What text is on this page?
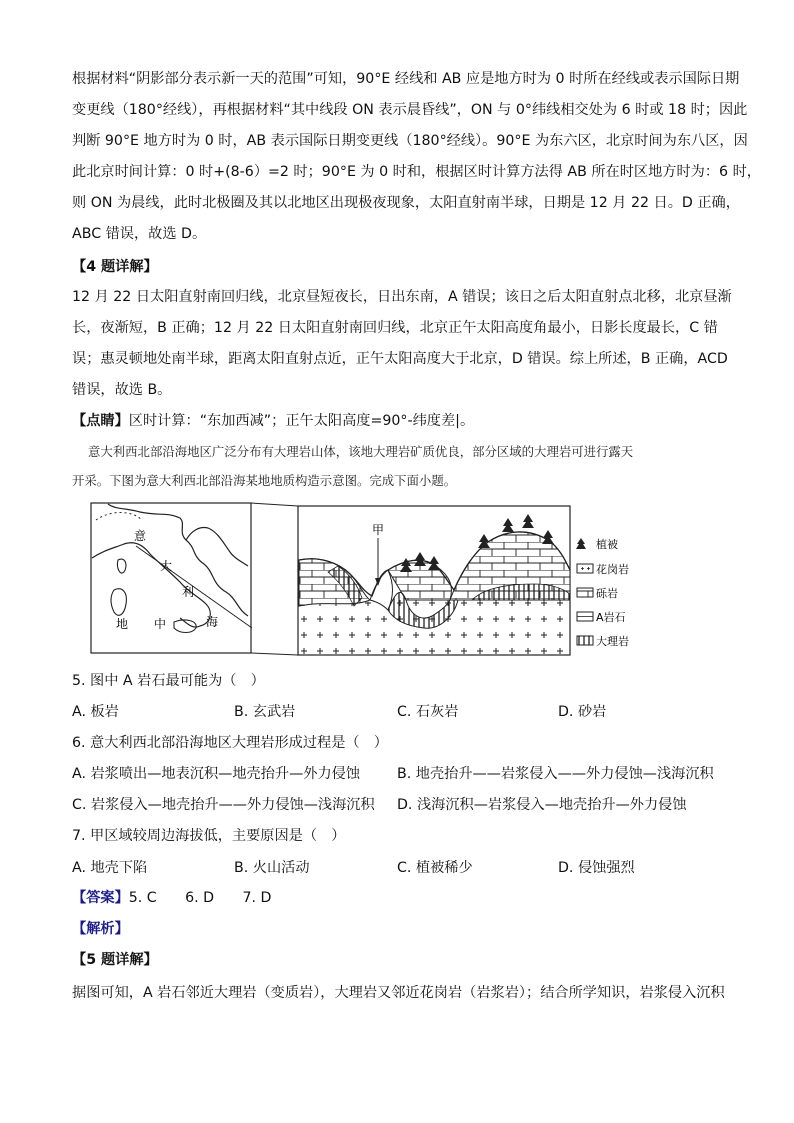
根据材料“阴影部分表示新一天的范围”可知，90°E 经线和 AB 应是地方时为 0 时所在经线或表示国际日期
变更线（180°经线），再根据材料“其中线段 ON 表示晨昏线”，ON 与 0°纬线相交处为 6 时或 18 时；因此
判断 90°E 地方时为 0 时，AB 表示国际日期变更线（180°经线）。90°E 为东六区，北京时间为东八区，因
此北京时间计算：0 时+(8-6）=2 时；90°E 为 0 时和，根据区时计算方法得 AB 所在时区地方时为：6 时，
则 ON 为晨线，此时北极圈及其以北地区出现极夜现象，太阳直射南半球，日期是 12 月 22 日。D 正确，
ABC 错误，故选 D。
【4 题详解】
12 月 22 日太阳直射南回归线，北京昼短夜长，日出东南，A 错误；该日之后太阳直射点北移，北京昼渐
长，夜渐短，B 正确；12 月 22 日太阳直射南回归线，北京正午太阳高度角最小，日影长度最长，C 错
误；惠灵顿地处南半球，距离太阳直射点近，正午太阳高度大于北京，D 错误。综上所述，B 正确，ACD
错误，故选 B。
【点睛】区时计算：“东加西减”；正午太阳高度=90°-纬度差|。
意大利西北部沿海地区广泛分布有大理岩山体，该地大理岩矿质优良，部分区域的大理岩可进行露天
开采。下图为意大利西北部沿海某地地质构造示意图。完成下面小题。
意
大
利
地 中	海
甲
植被
花岗岩
砾岩
A岩石
大理岩
5. 图中 A 岩石最可能为（　）
A. 板岩	B. 玄武岩	C. 石灰岩	D. 砂岩
6. 意大利西北部沿海地区大理岩形成过程是（　）
A. 岩浆喷出—地表沉积—地壳抬升—外力侵蚀	B. 地壳抬升——岩浆侵入——外力侵蚀—浅海沉积
C. 岩浆侵入—地壳抬升——外力侵蚀—浅海沉积 D. 浅海沉积—岩浆侵入—地壳抬升—外力侵蚀
7. 甲区域较周边海拔低，主要原因是（　）
A. 地壳下陷	B. 火山活动	C. 植被稀少	D. 侵蚀强烈
【答案】5. C　　6. D　　7. D
【解析】
【5 题详解】
据图可知，A 岩石邻近大理岩（变质岩），大理岩又邻近花岗岩（岩浆岩）；结合所学知识，岩浆侵入沉积
